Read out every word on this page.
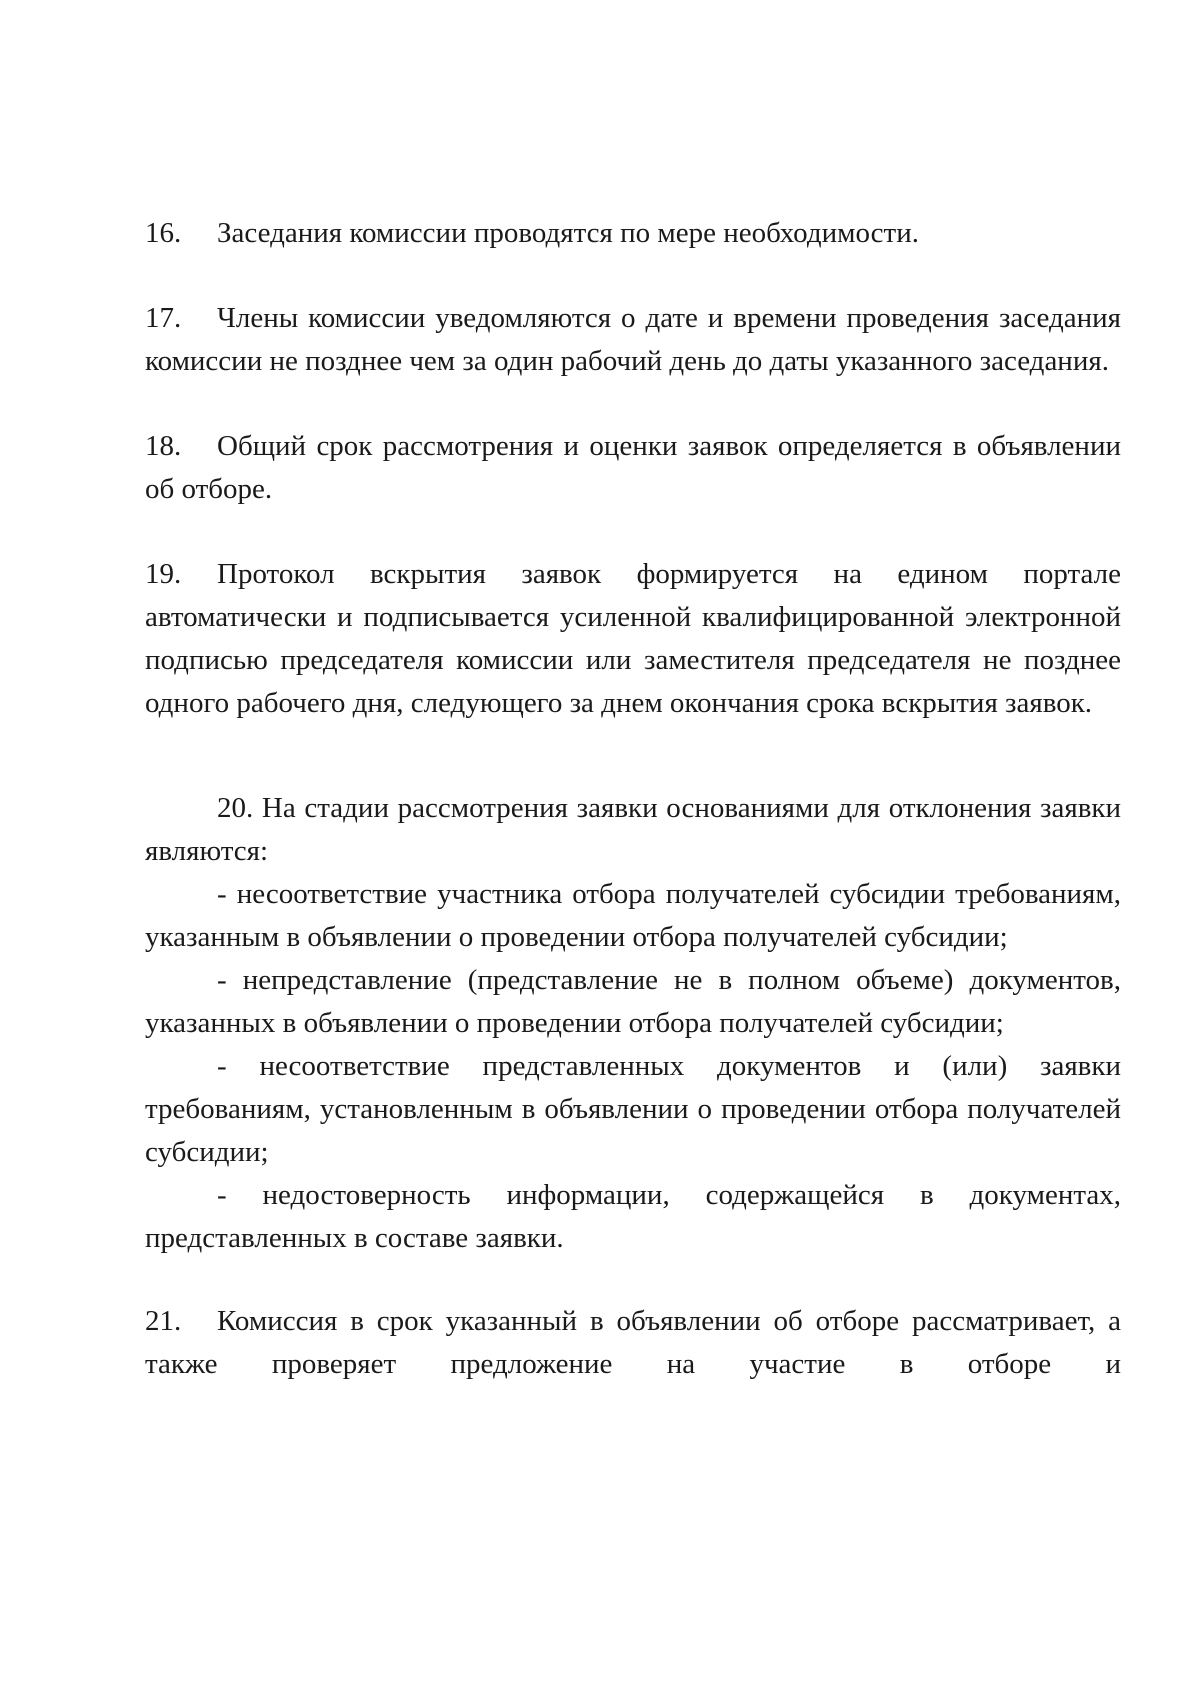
16. Заседания комиссии проводятся по мере необходимости.

17. Члены комиссии уведомляются о дате и времени проведения заседания комиссии не позднее чем за один рабочий день до даты указанного заседания.

18. Общий срок рассмотрения и оценки заявок определяется в объявлении об отборе.

19. Протокол вскрытия заявок формируется на едином портале автоматически и подписывается усиленной квалифицированной электронной подписью председателя комиссии или заместителя председателя не позднее одного рабочего дня, следующего за днем окончания срока вскрытия заявок.

20. На стадии рассмотрения заявки основаниями для отклонения заявки являются:

- несоответствие участника отбора получателей субсидии требованиям, указанным в объявлении о проведении отбора получателей субсидии;

- непредставление (представление не в полном объеме) документов, указанных в объявлении о проведении отбора получателей субсидии;

- несоответствие представленных документов и (или) заявки требованиям, установленным в объявлении о проведении отбора получателей субсидии;

- недостоверность информации, содержащейся в документах, представленных в составе заявки.

21. Комиссия в срок указанный в объявлении об отборе рассматривает, а также проверяет предложение на участие в отборе и
